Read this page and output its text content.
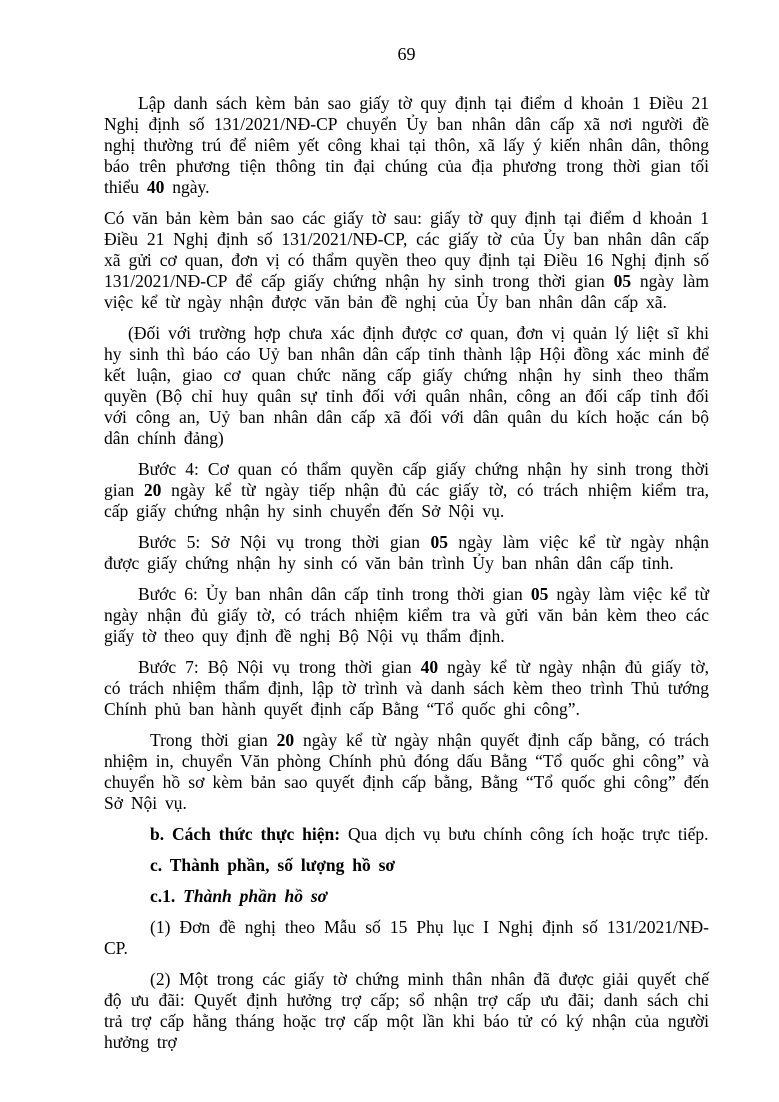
69

Lập danh sách kèm bản sao giấy tờ quy định tại điểm d khoản 1 Điều 21 Nghị định số 131/2021/NĐ-CP chuyển Ủy ban nhân dân cấp xã nơi người đề nghị thường trú để niêm yết công khai tại thôn, xã lấy ý kiến nhân dân, thông báo trên phương tiện thông tin đại chúng của địa phương trong thời gian tối thiểu 40 ngày.

Có văn bản kèm bản sao các giấy tờ sau: giấy tờ quy định tại điểm d khoản 1 Điều 21 Nghị định số 131/2021/NĐ-CP, các giấy tờ của Ủy ban nhân dân cấp xã gửi cơ quan, đơn vị có thẩm quyền theo quy định tại Điều 16 Nghị định số 131/2021/NĐ-CP để cấp giấy chứng nhận hy sinh trong thời gian 05 ngày làm việc kể từ ngày nhận được văn bản đề nghị của Ủy ban nhân dân cấp xã.

(Đối với trường hợp chưa xác định được cơ quan, đơn vị quản lý liệt sĩ khi hy sinh thì báo cáo Uỷ ban nhân dân cấp tỉnh thành lập Hội đồng xác minh để kết luận, giao cơ quan chức năng cấp giấy chứng nhận hy sinh theo thẩm quyền (Bộ chỉ huy quân sự tỉnh đối với quân nhân, công an đối cấp tỉnh đối với công an, Uỷ ban nhân dân cấp xã đối với dân quân du kích hoặc cán bộ dân chính đảng)

Bước 4: Cơ quan có thẩm quyền cấp giấy chứng nhận hy sinh trong thời gian 20 ngày kể từ ngày tiếp nhận đủ các giấy tờ, có trách nhiệm kiểm tra, cấp giấy chứng nhận hy sinh chuyển đến Sở Nội vụ.

Bước 5: Sở Nội vụ trong thời gian 05 ngày làm việc kể từ ngày nhận được giấy chứng nhận hy sinh có văn bản trình Ủy ban nhân dân cấp tỉnh.

Bước 6: Ủy ban nhân dân cấp tỉnh trong thời gian 05 ngày làm việc kể từ ngày nhận đủ giấy tờ, có trách nhiệm kiểm tra và gửi văn bản kèm theo các giấy tờ theo quy định đề nghị Bộ Nội vụ thẩm định.

Bước 7: Bộ Nội vụ trong thời gian 40 ngày kể từ ngày nhận đủ giấy tờ, có trách nhiệm thẩm định, lập tờ trình và danh sách kèm theo trình Thủ tướng Chính phủ ban hành quyết định cấp Bằng “Tổ quốc ghi công”.

Trong thời gian 20 ngày kể từ ngày nhận quyết định cấp bằng, có trách nhiệm in, chuyển Văn phòng Chính phủ đóng dấu Bằng “Tổ quốc ghi công” và chuyển hồ sơ kèm bản sao quyết định cấp bằng, Bằng “Tổ quốc ghi công” đến Sở Nội vụ.

b. Cách thức thực hiện: Qua dịch vụ bưu chính công ích hoặc trực tiếp.

c. Thành phần, số lượng hồ sơ

c.1. Thành phần hồ sơ

(1) Đơn đề nghị theo Mẫu số 15 Phụ lục I Nghị định số 131/2021/NĐ-CP.

(2) Một trong các giấy tờ chứng minh thân nhân đã được giải quyết chế độ ưu đãi: Quyết định hưởng trợ cấp; sổ nhận trợ cấp ưu đãi; danh sách chi trả trợ cấp hằng tháng hoặc trợ cấp một lần khi báo tử có ký nhận của người hưởng trợ
